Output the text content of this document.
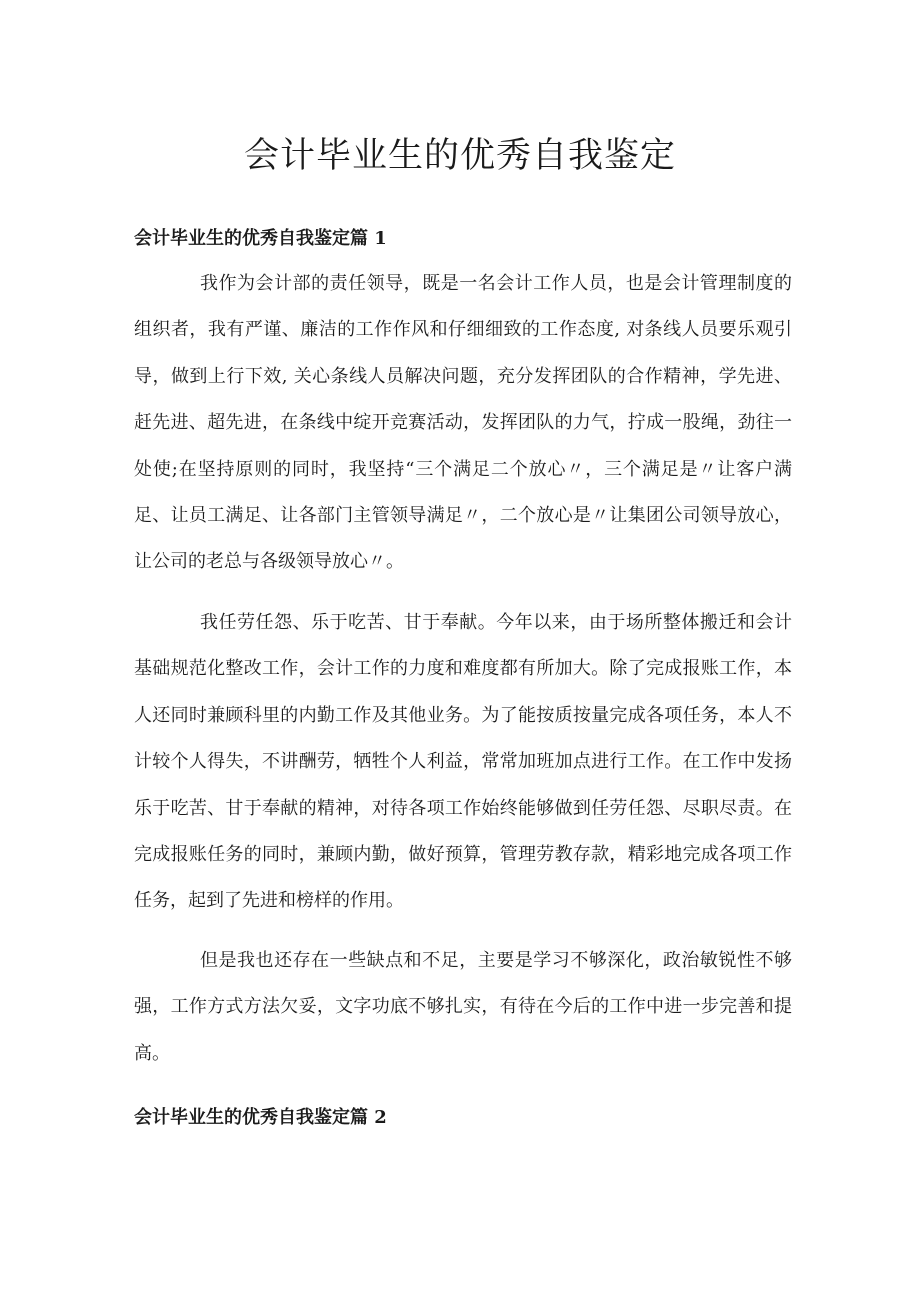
会计毕业生的优秀自我鉴定
会计毕业生的优秀自我鉴定篇 1

我作为会计部的责任领导，既是一名会计工作人员，也是会计管理制度的组织者，我有严谨、廉洁的工作作风和仔细细致的工作态度, 对条线人员要乐观引导，做到上行下效, 关心条线人员解决问题，充分发挥团队的合作精神，学先进、赶先进、超先进，在条线中绽开竞赛活动，发挥团队的力气，拧成一股绳，劲往一处使;在坚持原则的同时，我坚持“三个满足二个放心〃，三个满足是〃让客户满足、让员工满足、让各部门主管领导满足〃，二个放心是〃让集团公司领导放心，让公司的老总与各级领导放心〃。

我任劳任怨、乐于吃苦、甘于奉献。今年以来，由于场所整体搬迁和会计基础规范化整改工作，会计工作的力度和难度都有所加大。除了完成报账工作，本人还同时兼顾科里的内勤工作及其他业务。为了能按质按量完成各项任务，本人不计较个人得失，不讲酬劳，牺牲个人利益，常常加班加点进行工作。在工作中发扬乐于吃苦、甘于奉献的精神，对待各项工作始终能够做到任劳任怨、尽职尽责。在完成报账任务的同时，兼顾内勤，做好预算，管理劳教存款，精彩地完成各项工作任务，起到了先进和榜样的作用。

但是我也还存在一些缺点和不足，主要是学习不够深化，政治敏锐性不够强，工作方式方法欠妥，文字功底不够扎实，有待在今后的工作中进一步完善和提高。

会计毕业生的优秀自我鉴定篇 2
